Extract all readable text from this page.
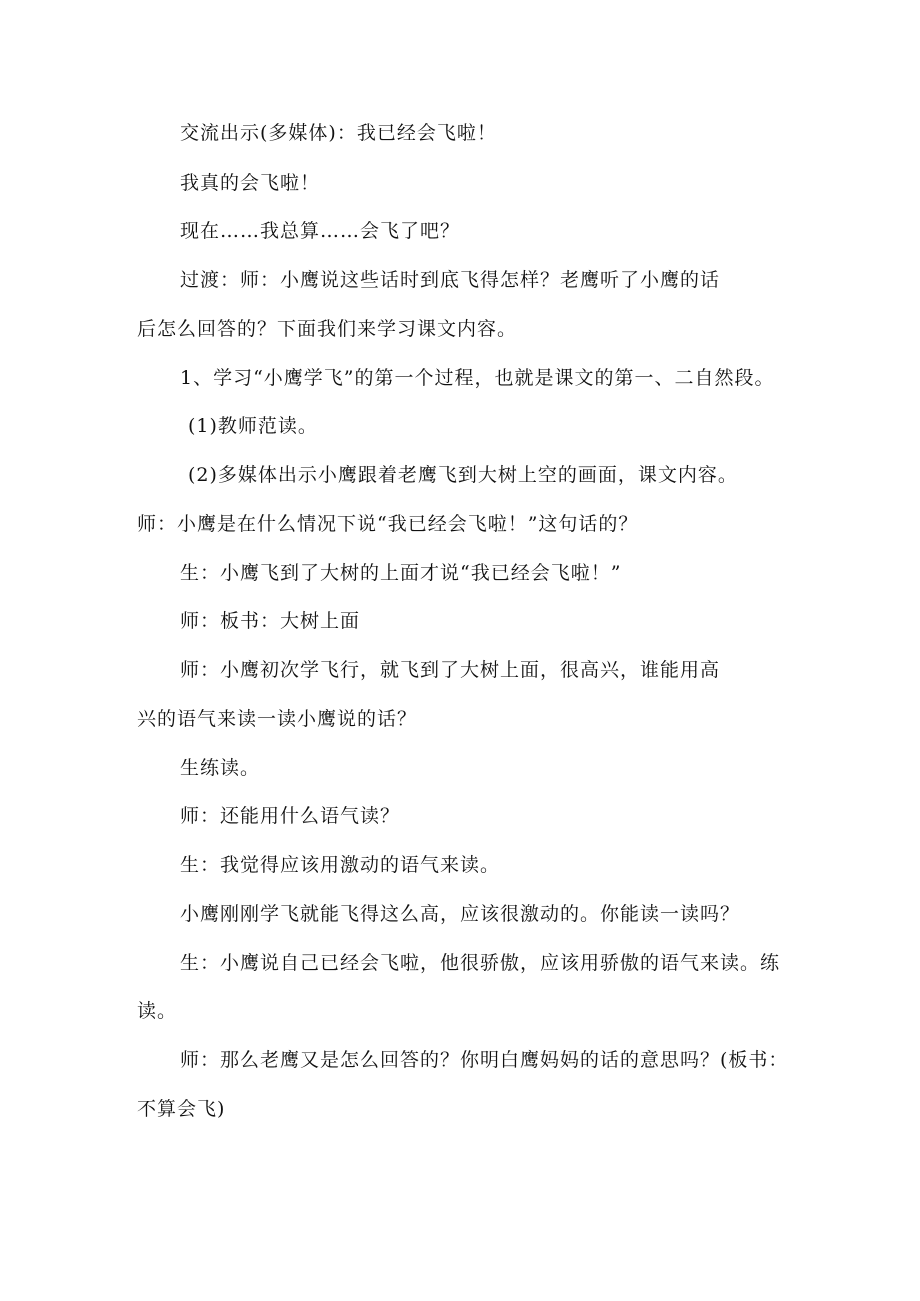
交流出示(多媒体)：我已经会飞啦！
我真的会飞啦！
现在……我总算……会飞了吧？
过渡：师：小鹰说这些话时到底飞得怎样？老鹰听了小鹰的话
后怎么回答的？下面我们来学习课文内容。
1、学习“小鹰学飞”的第一个过程，也就是课文的第一、二自然段。
(1)教师范读。
(2)多媒体出示小鹰跟着老鹰飞到大树上空的画面，课文内容。
师：小鹰是在什么情况下说“我已经会飞啦！”这句话的？
生：小鹰飞到了大树的上面才说“我已经会飞啦！”
师：板书：大树上面
师：小鹰初次学飞行，就飞到了大树上面，很高兴，谁能用高
兴的语气来读一读小鹰说的话？
生练读。
师：还能用什么语气读？
生：我觉得应该用激动的语气来读。
小鹰刚刚学飞就能飞得这么高，应该很激动的。你能读一读吗？
生：小鹰说自己已经会飞啦，他很骄傲，应该用骄傲的语气来读。练
读。
师：那么老鹰又是怎么回答的？你明白鹰妈妈的话的意思吗？(板书：
不算会飞)
